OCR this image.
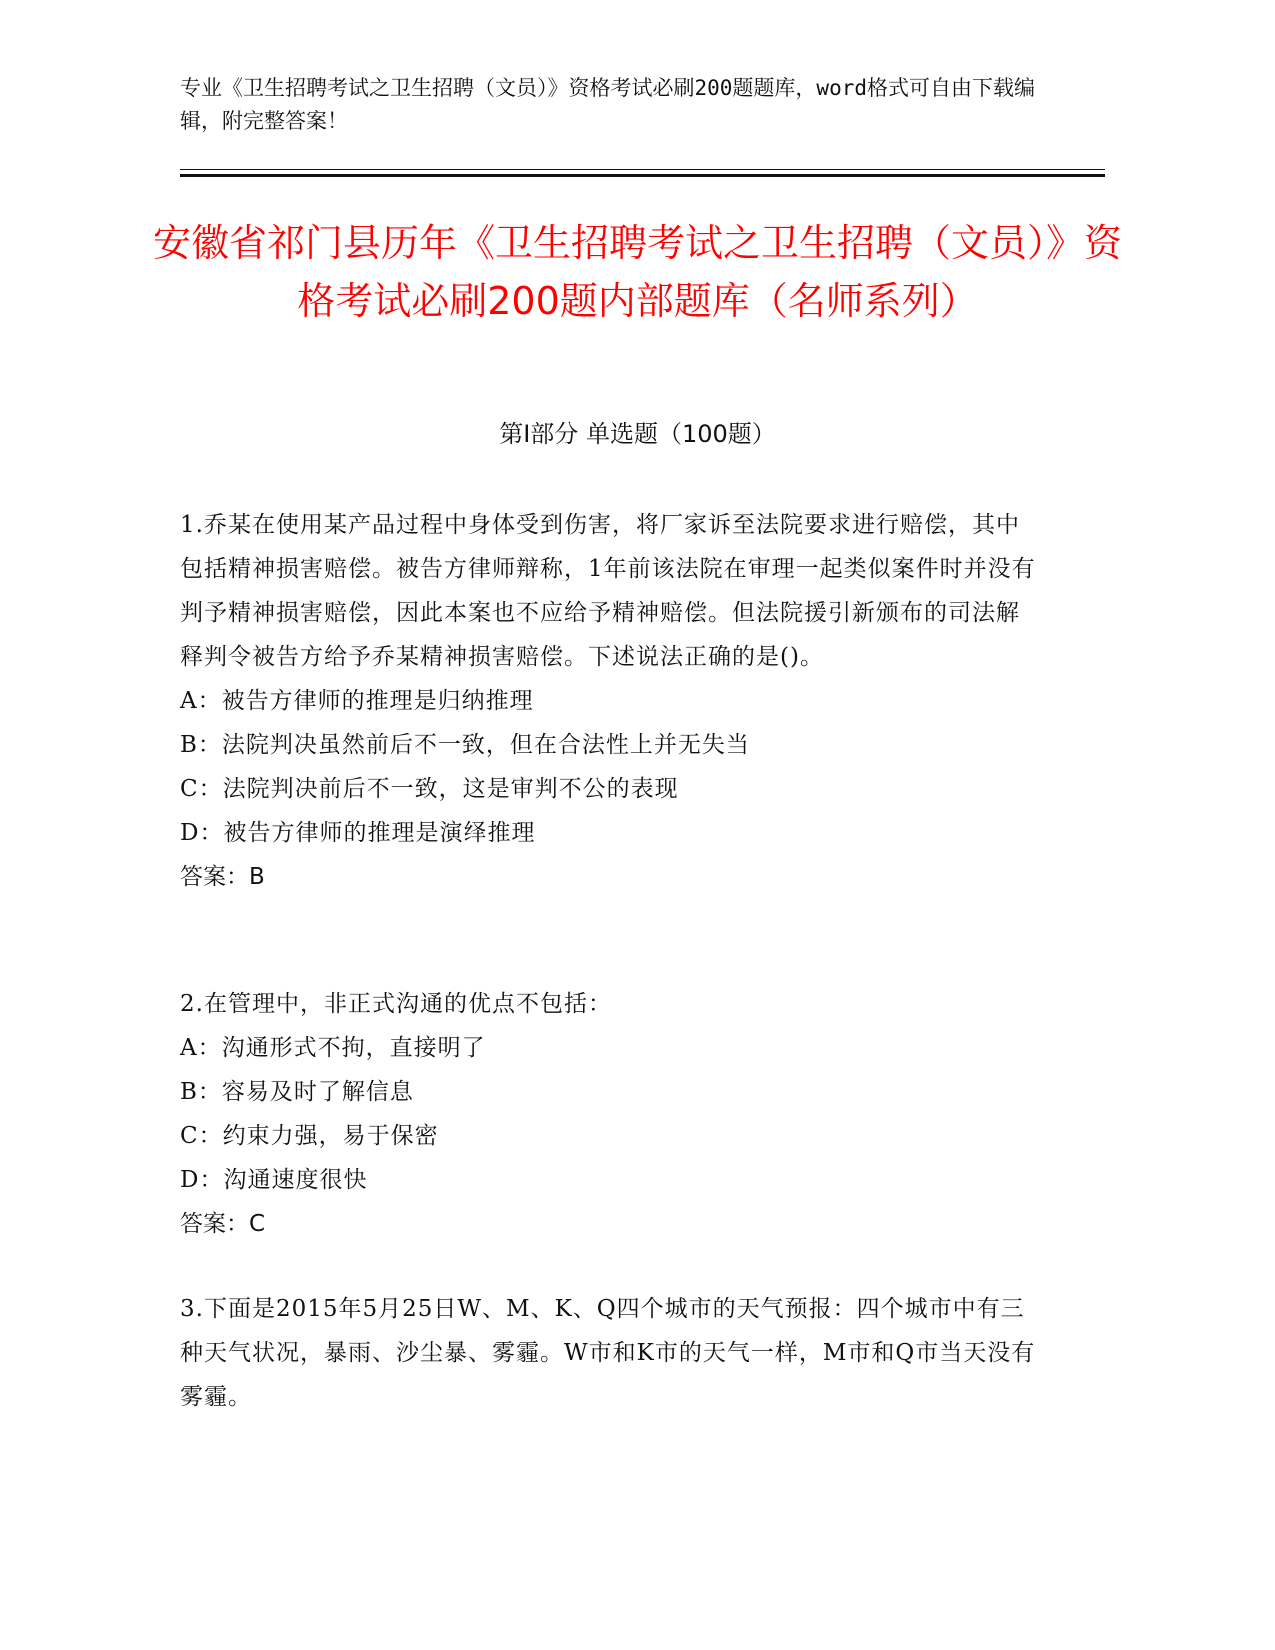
专业《卫生招聘考试之卫生招聘（文员）》资格考试必刷200题题库，word格式可自由下载编辑，附完整答案！

安徽省祁门县历年《卫生招聘考试之卫生招聘（文员）》资格考试必刷200题内部题库（名师系列）
第I部分 单选题（100题）

1.乔某在使用某产品过程中身体受到伤害，将厂家诉至法院要求进行赔偿，其中包括精神损害赔偿。被告方律师辩称，1年前该法院在审理一起类似案件时并没有判予精神损害赔偿，因此本案也不应给予精神赔偿。但法院援引新颁布的司法解释判令被告方给予乔某精神损害赔偿。下述说法正确的是()。

A：被告方律师的推理是归纳推理

B：法院判决虽然前后不一致，但在合法性上并无失当

C：法院判决前后不一致，这是审判不公的表现

D：被告方律师的推理是演绎推理

答案：B

2.在管理中，非正式沟通的优点不包括：

A：沟通形式不拘，直接明了

B：容易及时了解信息

C：约束力强，易于保密

D：沟通速度很快

答案：C

3.下面是2015年5月25日W、M、K、Q四个城市的天气预报：四个城市中有三种天气状况，暴雨、沙尘暴、雾霾。W市和K市的天气一样，M市和Q市当天没有雾霾。
